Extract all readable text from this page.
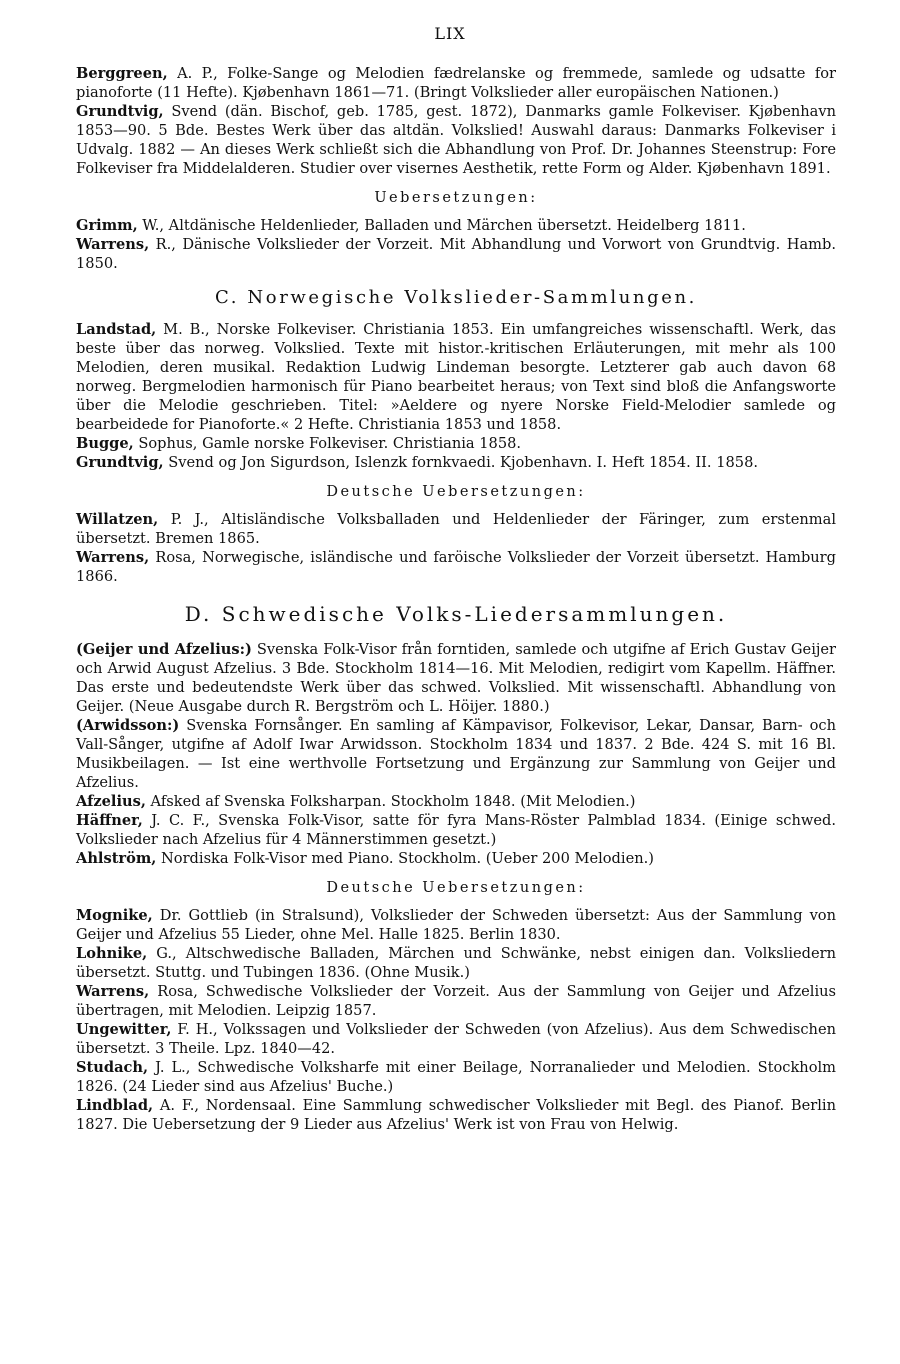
LIX

Berggreen, A. P., Folke-Sange og Melodien fædrelanske og fremmede, samlede og udsatte for pianoforte (11 Hefte). Kjøbenhavn 1861—71. (Bringt Volkslieder aller europäischen Nationen.)

Grundtvig, Svend (dän. Bischof, geb. 1785, gest. 1872), Danmarks gamle Folkeviser. Kjøbenhavn 1853—90. 5 Bde. Bestes Werk über das altdän. Volkslied! Auswahl daraus: Danmarks Folkeviser i Udvalg. 1882 — An dieses Werk schließt sich die Abhandlung von Prof. Dr. Johannes Steenstrup: Fore Folkeviser fra Middelalderen. Studier over visernes Aesthetik, rette Form og Alder. Kjøbenhavn 1891.

Uebersetzungen:

Grimm, W., Altdänische Heldenlieder, Balladen und Märchen übersetzt. Heidelberg 1811.

Warrens, R., Dänische Volkslieder der Vorzeit. Mit Abhandlung und Vorwort von Grundtvig. Hamb. 1850.

C. Norwegische Volkslieder-Sammlungen.

Landstad, M. B., Norske Folkeviser. Christiania 1853. Ein umfangreiches wissenschaftl. Werk, das beste über das norweg. Volkslied. Texte mit histor.-kritischen Erläuterungen, mit mehr als 100 Melodien, deren musikal. Redaktion Ludwig Lindeman besorgte. Letzterer gab auch davon 68 norweg. Bergmelodien harmonisch für Piano bearbeitet heraus; von Text sind bloß die Anfangsworte über die Melodie geschrieben. Titel: »Aeldere og nyere Norske Field-Melodier samlede og bearbeidede for Pianoforte.« 2 Hefte. Christiania 1853 und 1858.

Bugge, Sophus, Gamle norske Folkeviser. Christiania 1858.

Grundtvig, Svend og Jon Sigurdson, Islenzk fornkvaedi. Kjobenhavn. I. Heft 1854. II. 1858.

Deutsche Uebersetzungen:

Willatzen, P. J., Altisländische Volksballaden und Heldenlieder der Färinger, zum erstenmal übersetzt. Bremen 1865.

Warrens, Rosa, Norwegische, isländische und faröische Volkslieder der Vorzeit übersetzt. Hamburg 1866.

D. Schwedische Volks-Liedersammlungen.

(Geijer und Afzelius:) Svenska Folk-Visor från forntiden, samlede och utgifne af Erich Gustav Geijer och Arwid August Afzelius. 3 Bde. Stockholm 1814—16. Mit Melodien, redigirt vom Kapellm. Häffner. Das erste und bedeutendste Werk über das schwed. Volkslied. Mit wissenschaftl. Abhandlung von Geijer. (Neue Ausgabe durch R. Bergström och L. Höijer. 1880.)

(Arwidsson:) Svenska Fornsånger. En samling af Kämpavisor, Folkevisor, Lekar, Dansar, Barn- och Vall-Sånger, utgifne af Adolf Iwar Arwidsson. Stockholm 1834 und 1837. 2 Bde. 424 S. mit 16 Bl. Musikbeilagen. — Ist eine werthvolle Fortsetzung und Ergänzung zur Sammlung von Geijer und Afzelius.

Afzelius, Afsked af Svenska Folksharpan. Stockholm 1848. (Mit Melodien.)

Häffner, J. C. F., Svenska Folk-Visor, satte för fyra Mans-Röster Palmblad 1834. (Einige schwed. Volkslieder nach Afzelius für 4 Männerstimmen gesetzt.)

Ahlström, Nordiska Folk-Visor med Piano. Stockholm. (Ueber 200 Melodien.)

Deutsche Uebersetzungen:

Mognike, Dr. Gottlieb (in Stralsund), Volkslieder der Schweden übersetzt: Aus der Sammlung von Geijer und Afzelius 55 Lieder, ohne Mel. Halle 1825. Berlin 1830.

Lohnike, G., Altschwedische Balladen, Märchen und Schwänke, nebst einigen dan. Volksliedern übersetzt. Stuttg. und Tubingen 1836. (Ohne Musik.)

Warrens, Rosa, Schwedische Volkslieder der Vorzeit. Aus der Sammlung von Geijer und Afzelius übertragen, mit Melodien. Leipzig 1857.

Ungewitter, F. H., Volkssagen und Volkslieder der Schweden (von Afzelius). Aus dem Schwedischen übersetzt. 3 Theile. Lpz. 1840—42.

Studach, J. L., Schwedische Volksharfe mit einer Beilage, Norranalieder und Melodien. Stockholm 1826. (24 Lieder sind aus Afzelius' Buche.)

Lindblad, A. F., Nordensaal. Eine Sammlung schwedischer Volkslieder mit Begl. des Pianof. Berlin 1827. Die Uebersetzung der 9 Lieder aus Afzelius' Werk ist von Frau von Helwig.
